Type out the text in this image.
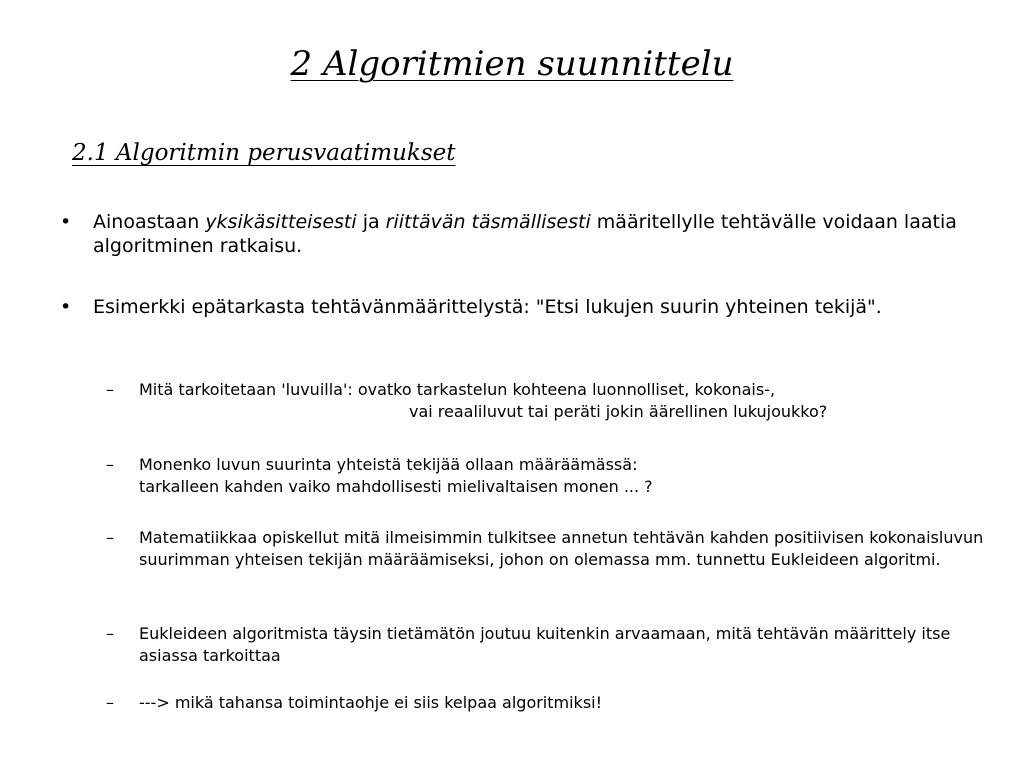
2 Algoritmien suunnittelu
2.1 Algoritmin perusvaatimukset
• Ainoastaan yksikäsitteisesti ja riittävän täsmällisesti määritellylle tehtävälle voidaan laatia algoritminen ratkaisu.
• Esimerkki epätarkasta tehtävänmäärittelystä: "Etsi lukujen suurin yhteinen tekijä".
– Mitä tarkoitetaan 'luvuilla': ovatko tarkastelun kohteena luonnolliset, kokonais-,
vai reaaliluvut tai peräti jokin äärellinen lukujoukko?
– Monenko luvun suurinta yhteistä tekijää ollaan määräämässä:
tarkalleen kahden vaiko mahdollisesti mielivaltaisen monen ... ?
– Matematiikkaa opiskellut mitä ilmeisimmin tulkitsee annetun tehtävän kahden positiivisen kokonaisluvun suurimman yhteisen tekijän määräämiseksi, johon on olemassa mm. tunnettu Eukleideen algoritmi.
– Eukleideen algoritmista täysin tietämätön joutuu kuitenkin arvaamaan, mitä tehtävän määrittely itse asiassa tarkoittaa
– ---> mikä tahansa toimintaohje ei siis kelpaa algoritmiksi!
